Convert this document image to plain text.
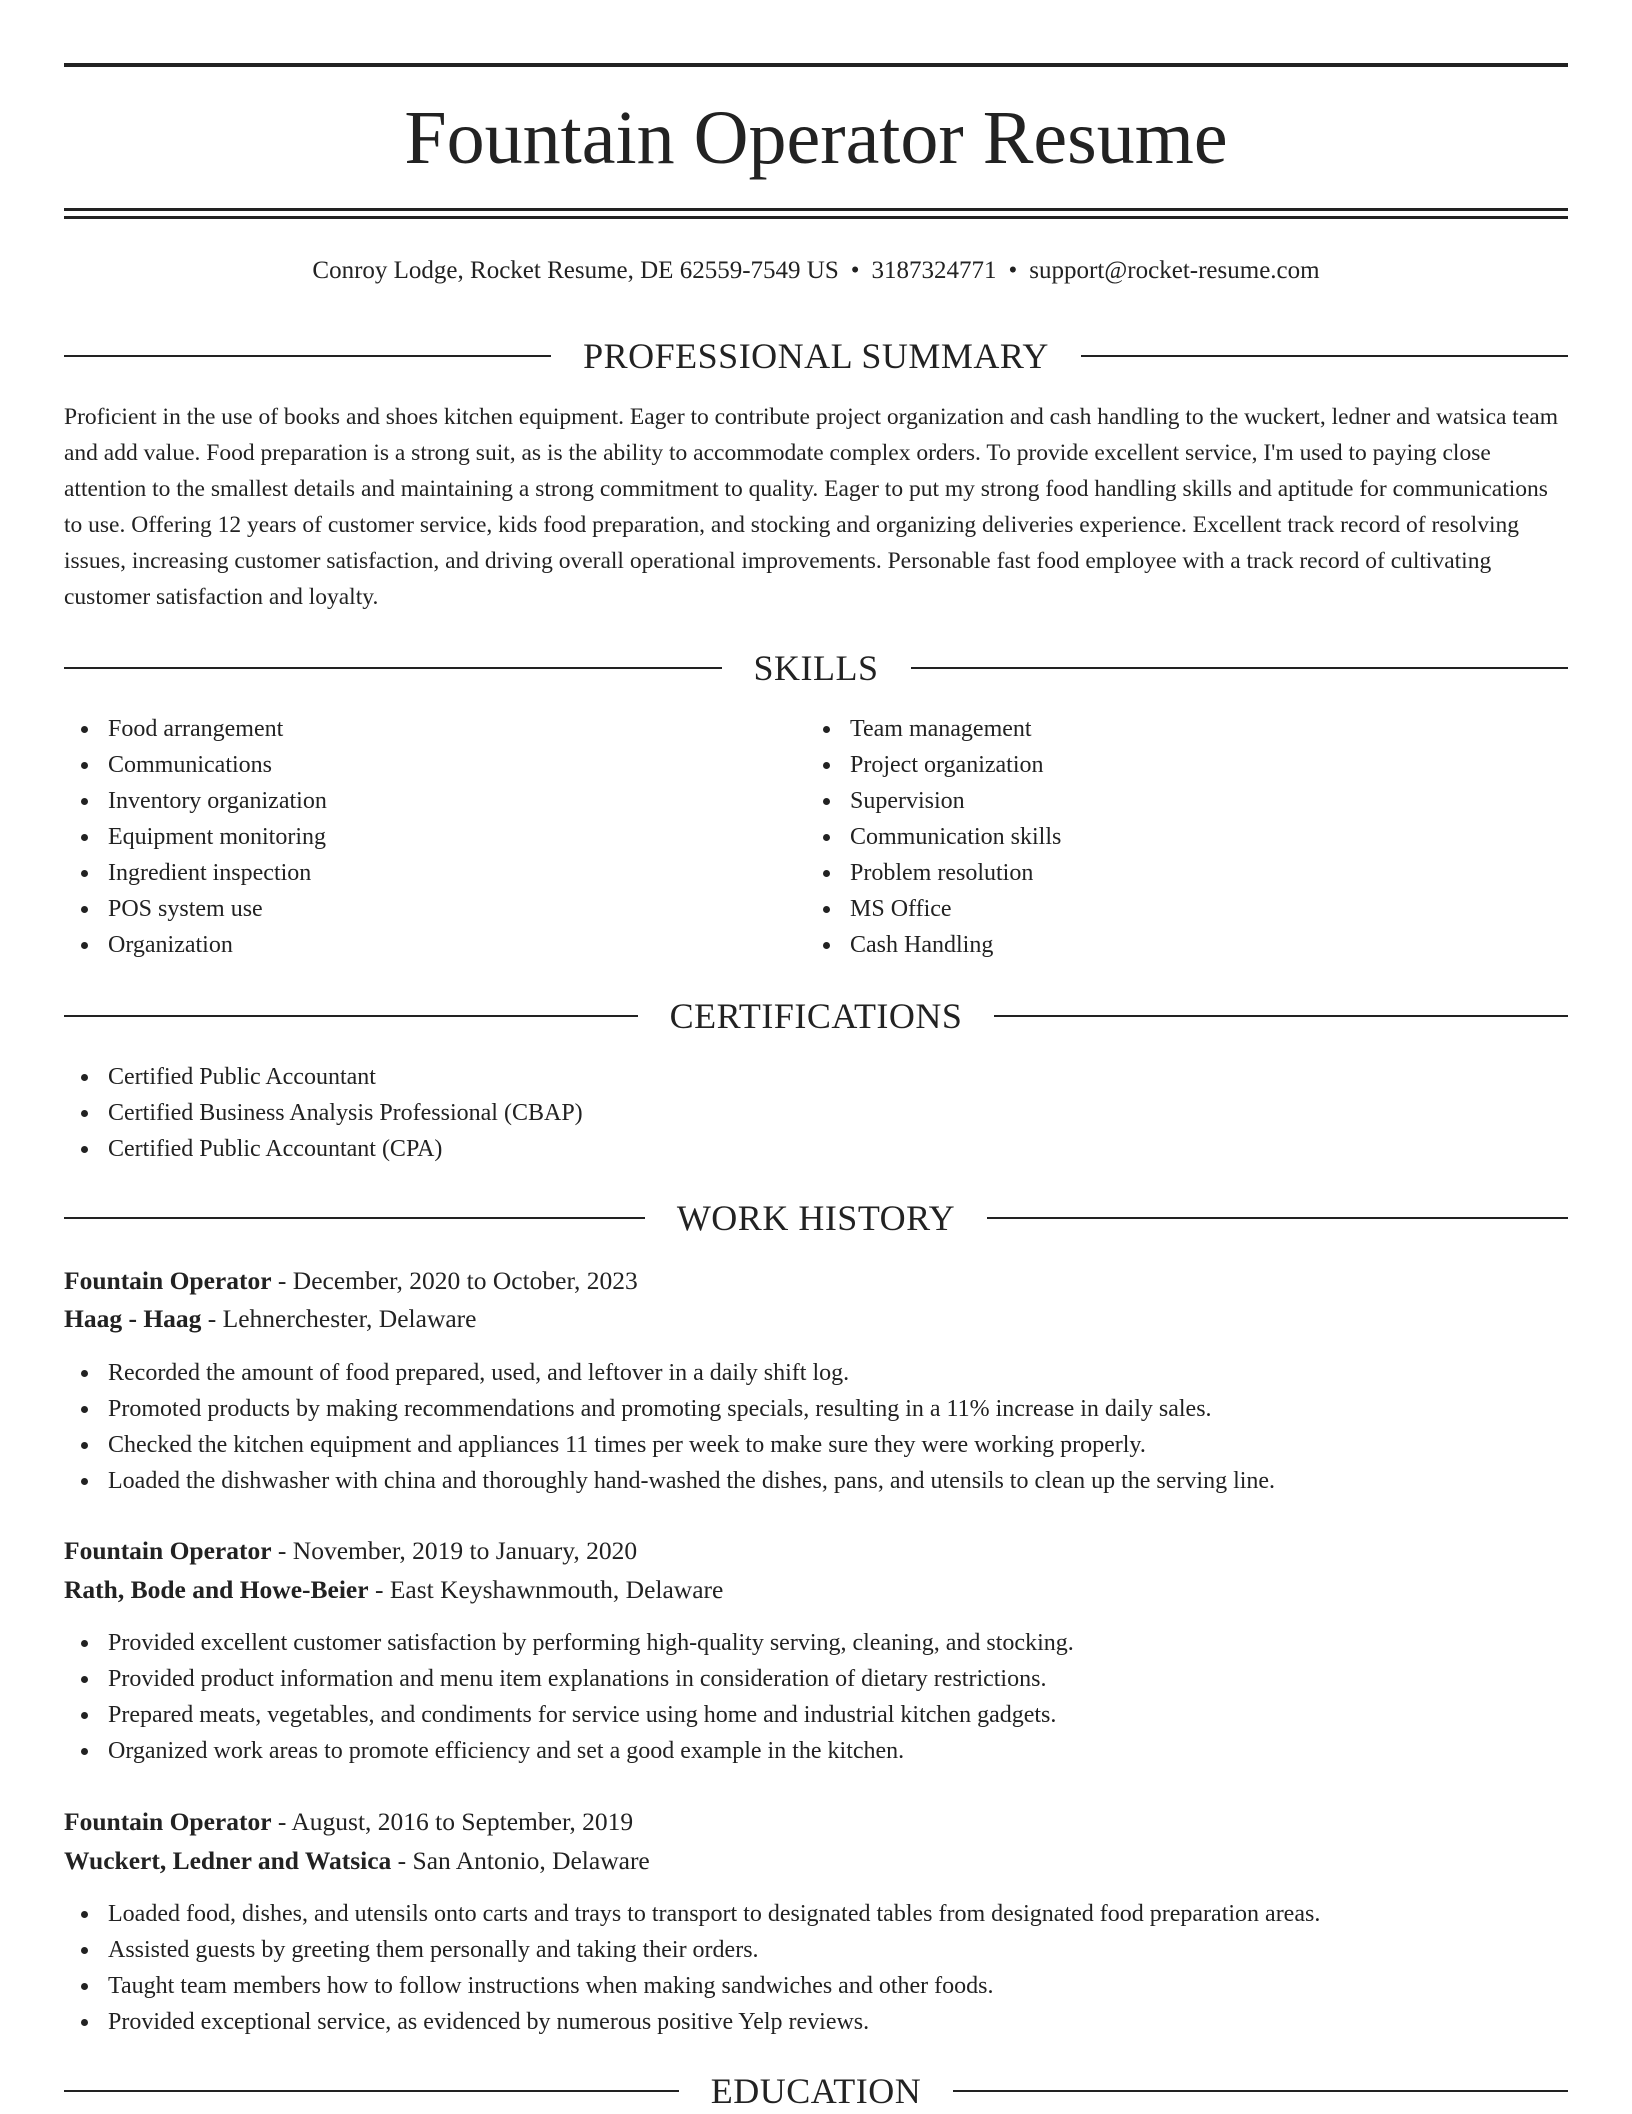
Fountain Operator Resume
Conroy Lodge, Rocket Resume, DE 62559-7549 US • 3187324771 • support@rocket-resume.com
PROFESSIONAL SUMMARY

Proficient in the use of books and shoes kitchen equipment. Eager to contribute project organization and cash handling to the wuckert, ledner and watsica team and add value. Food preparation is a strong suit, as is the ability to accommodate complex orders. To provide excellent service, I'm used to paying close attention to the smallest details and maintaining a strong commitment to quality. Eager to put my strong food handling skills and aptitude for communications to use. Offering 12 years of customer service, kids food preparation, and stocking and organizing deliveries experience. Excellent track record of resolving issues, increasing customer satisfaction, and driving overall operational improvements. Personable fast food employee with a track record of cultivating customer satisfaction and loyalty.

SKILLS
Food arrangement
Communications
Inventory organization
Equipment monitoring
Ingredient inspection
POS system use
Organization
Team management
Project organization
Supervision
Communication skills
Problem resolution
MS Office
Cash Handling
CERTIFICATIONS
Certified Public Accountant
Certified Business Analysis Professional (CBAP)
Certified Public Accountant (CPA)
WORK HISTORY
Fountain Operator - December, 2020 to October, 2023
Haag - Haag - Lehnerchester, Delaware
Recorded the amount of food prepared, used, and leftover in a daily shift log.
Promoted products by making recommendations and promoting specials, resulting in a 11% increase in daily sales.
Checked the kitchen equipment and appliances 11 times per week to make sure they were working properly.
Loaded the dishwasher with china and thoroughly hand-washed the dishes, pans, and utensils to clean up the serving line.
Fountain Operator - November, 2019 to January, 2020
Rath, Bode and Howe-Beier - East Keyshawnmouth, Delaware
Provided excellent customer satisfaction by performing high-quality serving, cleaning, and stocking.
Provided product information and menu item explanations in consideration of dietary restrictions.
Prepared meats, vegetables, and condiments for service using home and industrial kitchen gadgets.
Organized work areas to promote efficiency and set a good example in the kitchen.
Fountain Operator - August, 2016 to September, 2019
Wuckert, Ledner and Watsica - San Antonio, Delaware
Loaded food, dishes, and utensils onto carts and trays to transport to designated tables from designated food preparation areas.
Assisted guests by greeting them personally and taking their orders.
Taught team members how to follow instructions when making sandwiches and other foods.
Provided exceptional service, as evidenced by numerous positive Yelp reviews.
EDUCATION
